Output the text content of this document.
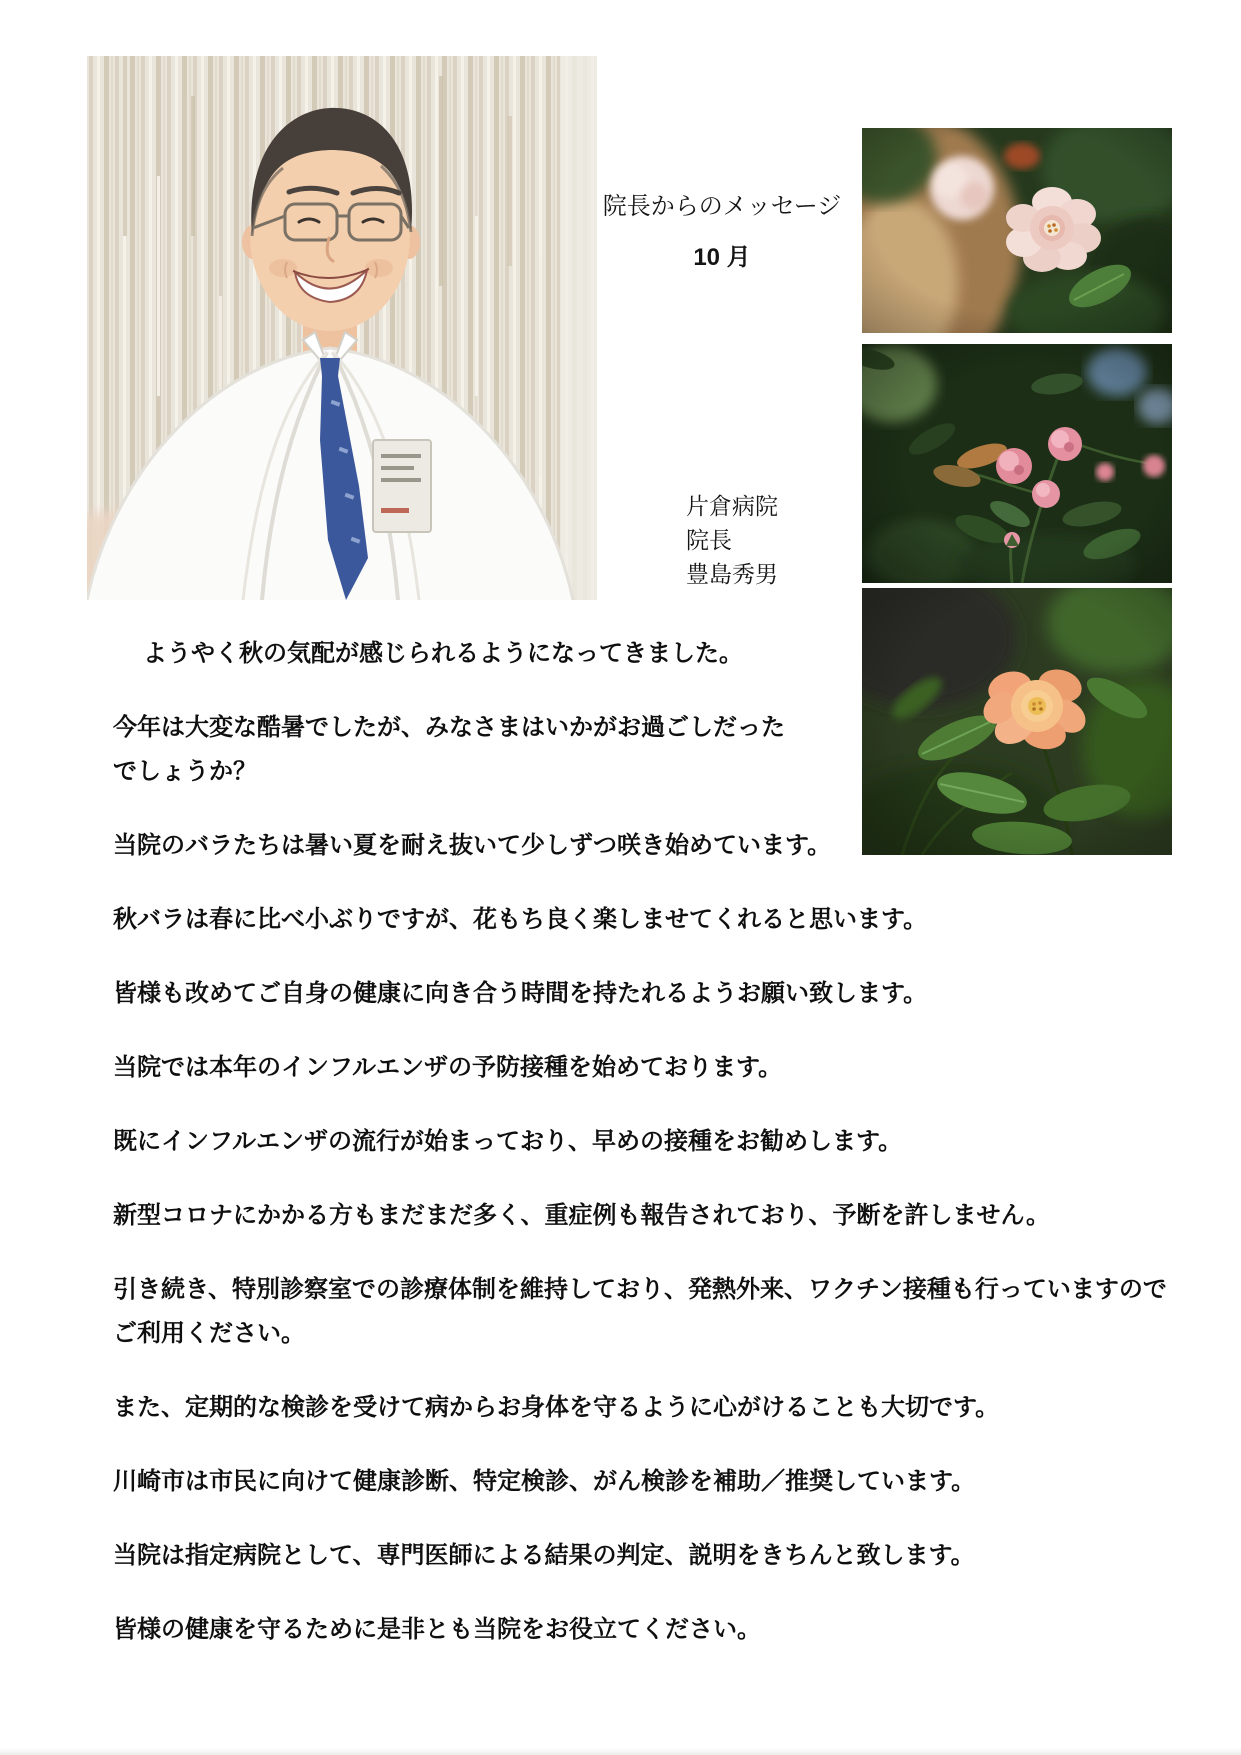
院長からのメッセージ
10 月
片倉病院
院長
豊島秀男

ようやく秋の気配が感じられるようになってきました。

今年は大変な酷暑でしたが、みなさまはいかがお過ごしだった
でしょうか？

当院のバラたちは暑い夏を耐え抜いて少しずつ咲き始めています。

秋バラは春に比べ小ぶりですが、花もち良く楽しませてくれると思います。

皆様も改めてご自身の健康に向き合う時間を持たれるようお願い致します。

当院では本年のインフルエンザの予防接種を始めております。

既にインフルエンザの流行が始まっており、早めの接種をお勧めします。

新型コロナにかかる方もまだまだ多く、重症例も報告されており、予断を許しません。

引き続き、特別診察室での診療体制を維持しており、発熱外来、ワクチン接種も行っていますので
ご利用ください。

また、定期的な検診を受けて病からお身体を守るように心がけることも大切です。

川崎市は市民に向けて健康診断、特定検診、がん検診を補助／推奨しています。

当院は指定病院として、専門医師による結果の判定、説明をきちんと致します。

皆様の健康を守るために是非とも当院をお役立てください。
